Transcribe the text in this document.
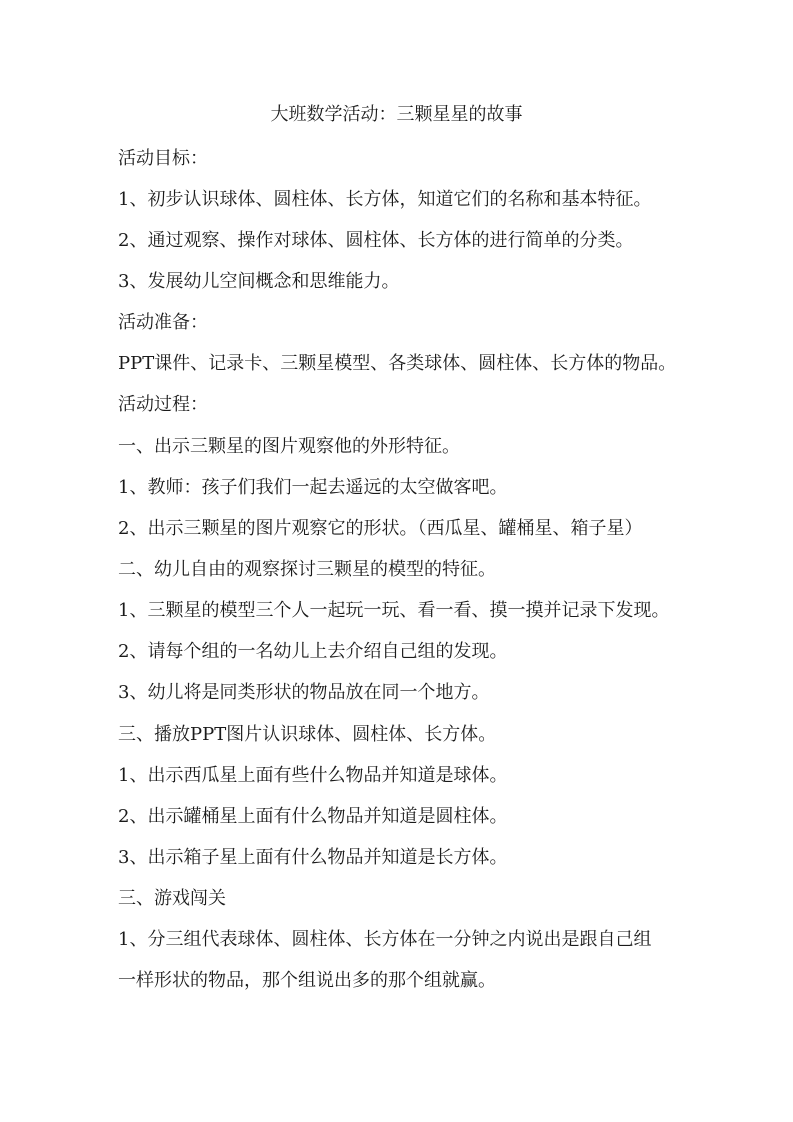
大班数学活动：三颗星星的故事
活动目标：
1、初步认识球体、圆柱体、长方体，知道它们的名称和基本特征。
2、通过观察、操作对球体、圆柱体、长方体的进行简单的分类。
3、发展幼儿空间概念和思维能力。
活动准备：
PPT课件、记录卡、三颗星模型、各类球体、圆柱体、长方体的物品。
活动过程：
一、出示三颗星的图片观察他的外形特征。
1、教师：孩子们我们一起去遥远的太空做客吧。
2、出示三颗星的图片观察它的形状。（西瓜星、罐桶星、箱子星）
二、幼儿自由的观察探讨三颗星的模型的特征。
1、三颗星的模型三个人一起玩一玩、看一看、摸一摸并记录下发现。
2、请每个组的一名幼儿上去介绍自己组的发现。
3、幼儿将是同类形状的物品放在同一个地方。
三、播放PPT图片认识球体、圆柱体、长方体。
1、出示西瓜星上面有些什么物品并知道是球体。
2、出示罐桶星上面有什么物品并知道是圆柱体。
3、出示箱子星上面有什么物品并知道是长方体。
三、游戏闯关
1、分三组代表球体、圆柱体、长方体在一分钟之内说出是跟自己组
一样形状的物品，那个组说出多的那个组就赢。
